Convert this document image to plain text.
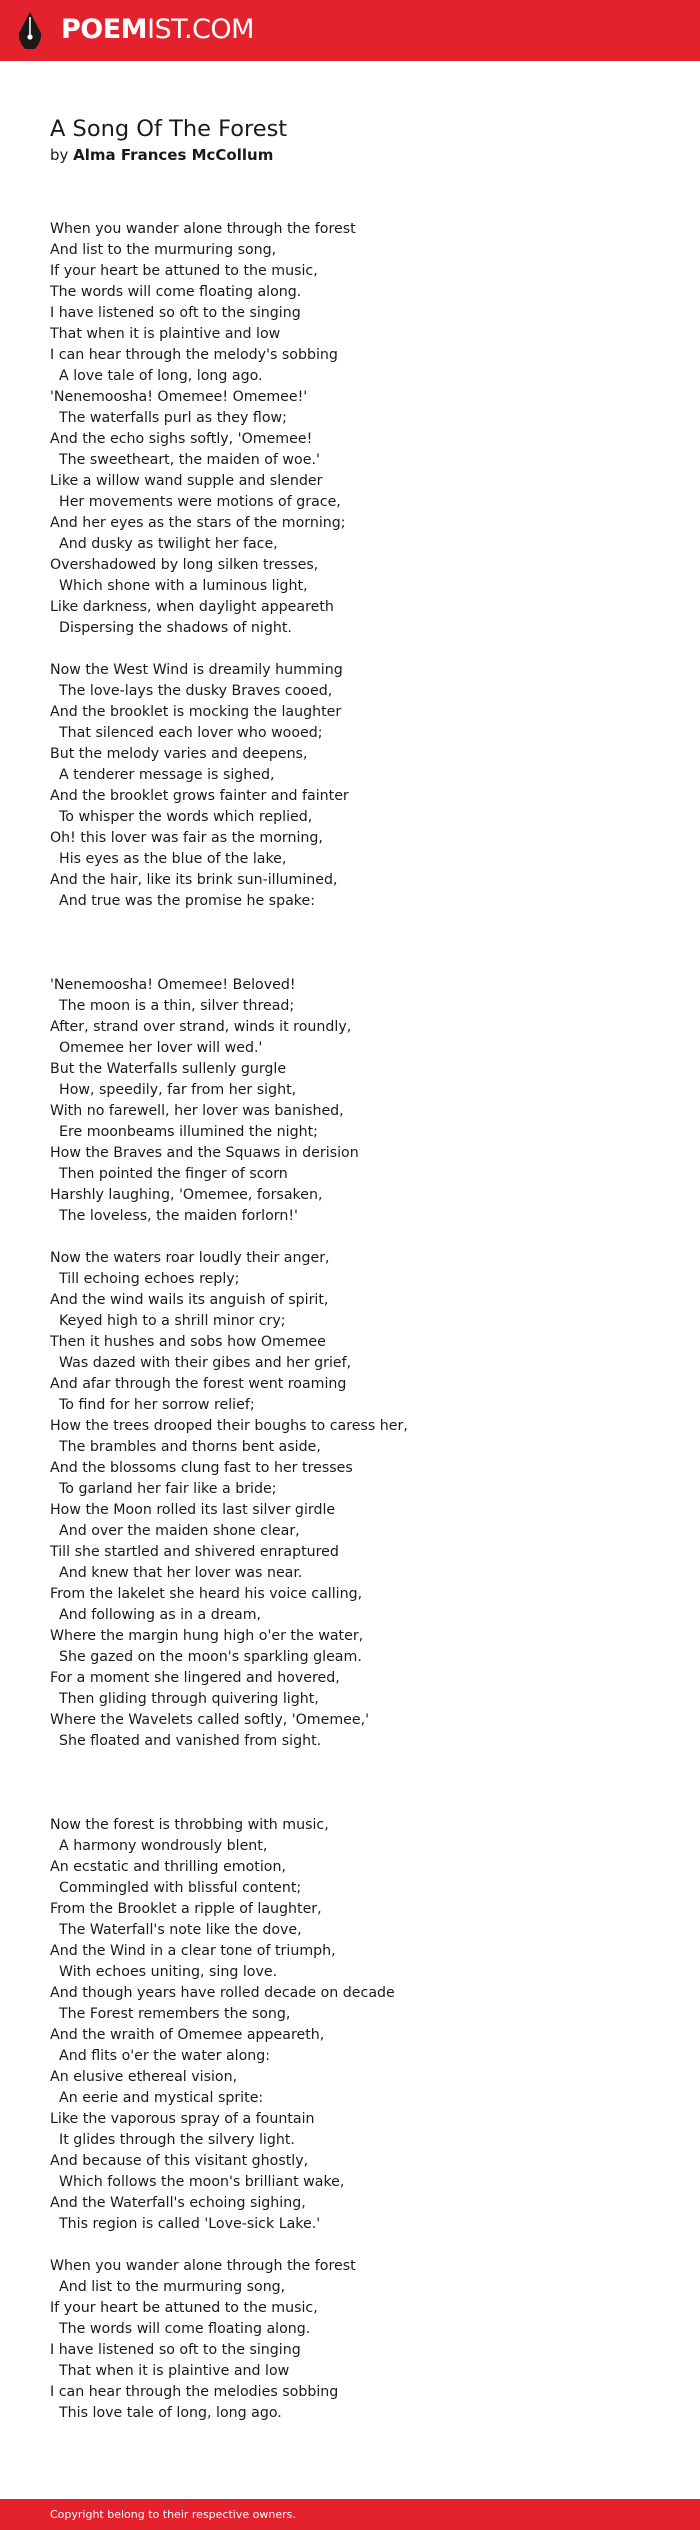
POEMIST.COM
A Song Of The Forest
by Alma Frances McCollum
When you wander alone through the forest
And list to the murmuring song,
If your heart be attuned to the music,
The words will come floating along.
I have listened so oft to the singing
That when it is plaintive and low
I can hear through the melody's sobbing
A love tale of long, long ago.
'Nenemoosha! Omemee! Omemee!'
The waterfalls purl as they flow;
And the echo sighs softly, 'Omemee!
The sweetheart, the maiden of woe.'
Like a willow wand supple and slender
Her movements were motions of grace,
And her eyes as the stars of the morning;
And dusky as twilight her face,
Overshadowed by long silken tresses,
Which shone with a luminous light,
Like darkness, when daylight appeareth
Dispersing the shadows of night.
Now the West Wind is dreamily humming
The love-lays the dusky Braves cooed,
And the brooklet is mocking the laughter
That silenced each lover who wooed;
But the melody varies and deepens,
A tenderer message is sighed,
And the brooklet grows fainter and fainter
To whisper the words which replied,
Oh! this lover was fair as the morning,
His eyes as the blue of the lake,
And the hair, like its brink sun-illumined,
And true was the promise he spake:
'Nenemoosha! Omemee! Beloved!
The moon is a thin, silver thread;
After, strand over strand, winds it roundly,
Omemee her lover will wed.'
But the Waterfalls sullenly gurgle
How, speedily, far from her sight,
With no farewell, her lover was banished,
Ere moonbeams illumined the night;
How the Braves and the Squaws in derision
Then pointed the finger of scorn
Harshly laughing, 'Omemee, forsaken,
The loveless, the maiden forlorn!'
Now the waters roar loudly their anger,
Till echoing echoes reply;
And the wind wails its anguish of spirit,
Keyed high to a shrill minor cry;
Then it hushes and sobs how Omemee
Was dazed with their gibes and her grief,
And afar through the forest went roaming
To find for her sorrow relief;
How the trees drooped their boughs to caress her,
The brambles and thorns bent aside,
And the blossoms clung fast to her tresses
To garland her fair like a bride;
How the Moon rolled its last silver girdle
And over the maiden shone clear,
Till she startled and shivered enraptured
And knew that her lover was near.
From the lakelet she heard his voice calling,
And following as in a dream,
Where the margin hung high o'er the water,
She gazed on the moon's sparkling gleam.
For a moment she lingered and hovered,
Then gliding through quivering light,
Where the Wavelets called softly, 'Omemee,'
She floated and vanished from sight.
Now the forest is throbbing with music,
A harmony wondrously blent,
An ecstatic and thrilling emotion,
Commingled with blissful content;
From the Brooklet a ripple of laughter,
The Waterfall's note like the dove,
And the Wind in a clear tone of triumph,
With echoes uniting, sing love.
And though years have rolled decade on decade
The Forest remembers the song,
And the wraith of Omemee appeareth,
And flits o'er the water along:
An elusive ethereal vision,
An eerie and mystical sprite:
Like the vaporous spray of a fountain
It glides through the silvery light.
And because of this visitant ghostly,
Which follows the moon's brilliant wake,
And the Waterfall's echoing sighing,
This region is called 'Love-sick Lake.'
When you wander alone through the forest
And list to the murmuring song,
If your heart be attuned to the music,
The words will come floating along.
I have listened so oft to the singing
That when it is plaintive and low
I can hear through the melodies sobbing
This love tale of long, long ago.
Copyright belong to their respective owners.
